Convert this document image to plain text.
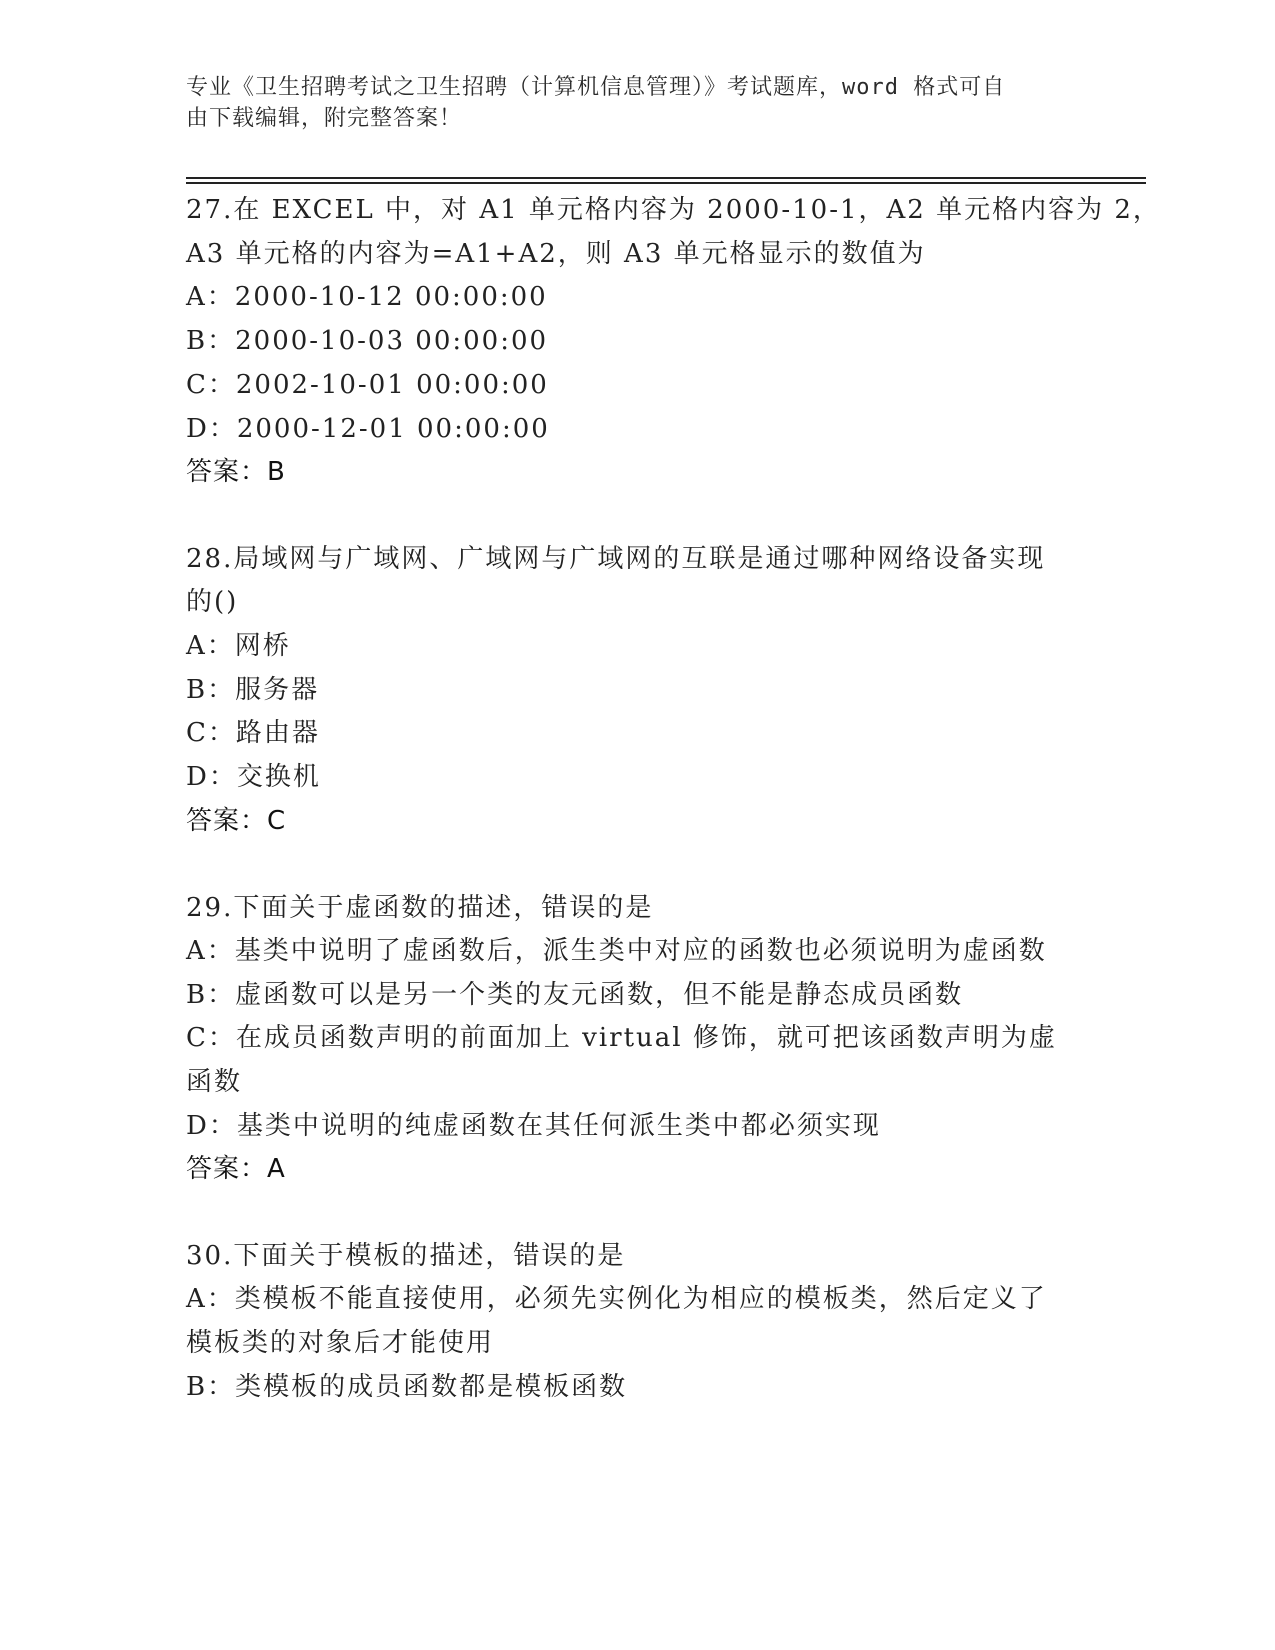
专业《卫生招聘考试之卫生招聘（计算机信息管理）》考试题库，word 格式可自
由下载编辑，附完整答案！
27.在 EXCEL 中，对 A1 单元格内容为 2000-10-1，A2 单元格内容为 2，
A3 单元格的内容为=A1+A2，则 A3 单元格显示的数值为
A：2000-10-12 00:00:00
B：2000-10-03 00:00:00
C：2002-10-01 00:00:00
D：2000-12-01 00:00:00
答案：B
28.局域网与广域网、广域网与广域网的互联是通过哪种网络设备实现
的()
A：网桥
B：服务器
C：路由器
D：交换机
答案：C
29.下面关于虚函数的描述，错误的是
A：基类中说明了虚函数后，派生类中对应的函数也必须说明为虚函数
B：虚函数可以是另一个类的友元函数，但不能是静态成员函数
C：在成员函数声明的前面加上 virtual 修饰，就可把该函数声明为虚
函数
D：基类中说明的纯虚函数在其任何派生类中都必须实现
答案：A
30.下面关于模板的描述，错误的是
A：类模板不能直接使用，必须先实例化为相应的模板类，然后定义了
模板类的对象后才能使用
B：类模板的成员函数都是模板函数
